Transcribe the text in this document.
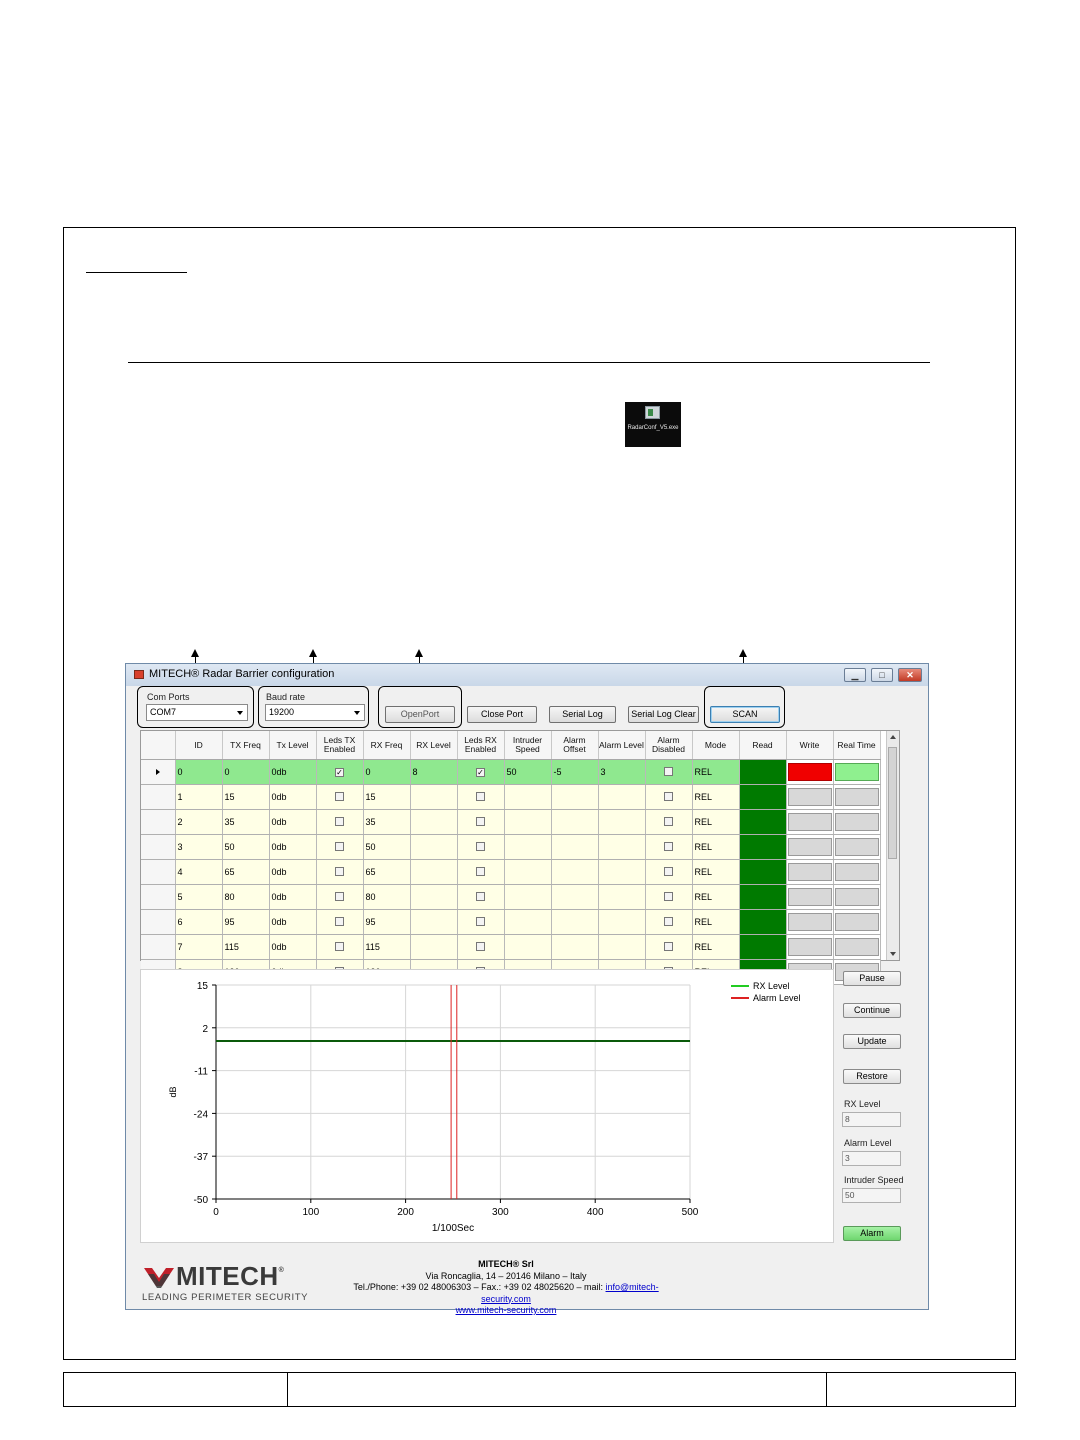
RadarConf_V5.exe
MITECH® Radar Barrier configuration	▁	□	✕
Com Ports
COM7
Baud rate
19200	OpenPort	Close Port	Serial Log	Serial Log Clear	SCAN
	ID	TX Freq	Tx Level	Leds TX Enabled	RX Freq	RX Level	Leds RX Enabled	Intruder Speed	Alarm Offset	Alarm Level	Alarm Disabled	Mode	Read	Write	Real Time
	0	0	0db	✓	0	8	✓	50	-5	3		REL		

	1	15	0db		15							REL		

	2	35	0db		35							REL		

	3	50	0db		50							REL		

	4	65	0db		65							REL		

	5	80	0db		80							REL		

	6	95	0db		95							REL		

	7	115	0db		115							REL		

0	100	200	300	400	500
15
2
-11
-24
-37
-50
1/100Sec
dB
RX Level
Alarm Level
Pause
Continue
Update
Restore
RX Level
8
Alarm Level
3
Intruder Speed
50
Alarm
MITECH ®
LEADING PERIMETER SECURITY
MITECH® Srl
Via Roncaglia, 14 – 20146 Milano – Italy
Tel./Phone: +39 02 48006303 – Fax.: +39 02 48025620 – mail: info@mitech-security.com
www.mitech-security.com
